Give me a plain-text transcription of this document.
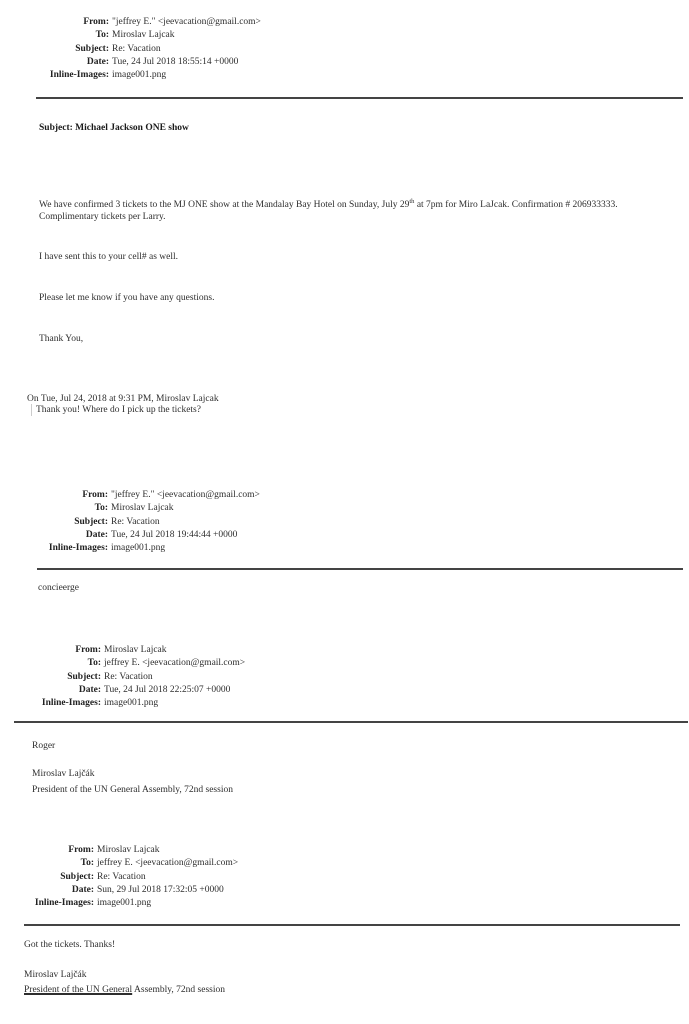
From: "jeffrey E." <jeevacation@gmail.com>
To: Miroslav Lajcak
Subject: Re: Vacation
Date: Tue, 24 Jul 2018 18:55:14 +0000
Inline-Images: image001.png
Subject: Michael Jackson ONE show
We have confirmed 3 tickets to the MJ ONE show at the Mandalay Bay Hotel on Sunday, July 29th at 7pm for Miro LaJcak. Confirmation # 206933333.
Complimentary tickets per Larry.
I have sent this to your cell# as well.
Please let me know if you have any questions.
Thank You,
On Tue, Jul 24, 2018 at 9:31 PM, Miroslav Lajcak
Thank you! Where do I pick up the tickets?
From: "jeffrey E." <jeevacation@gmail.com>
To: Miroslav Lajcak
Subject: Re: Vacation
Date: Tue, 24 Jul 2018 19:44:44 +0000
Inline-Images: image001.png
concieerge
From: Miroslav Lajcak
To: jeffrey E. <jeevacation@gmail.com>
Subject: Re: Vacation
Date: Tue, 24 Jul 2018 22:25:07 +0000
Inline-Images: image001.png
Roger
Miroslav Lajčák
President of the UN General Assembly, 72nd session
From: Miroslav Lajcak
To: jeffrey E. <jeevacation@gmail.com>
Subject: Re: Vacation
Date: Sun, 29 Jul 2018 17:32:05 +0000
Inline-Images: image001.png
Got the tickets. Thanks!
Miroslav Lajčák
President of the UN General Assembly, 72nd session
